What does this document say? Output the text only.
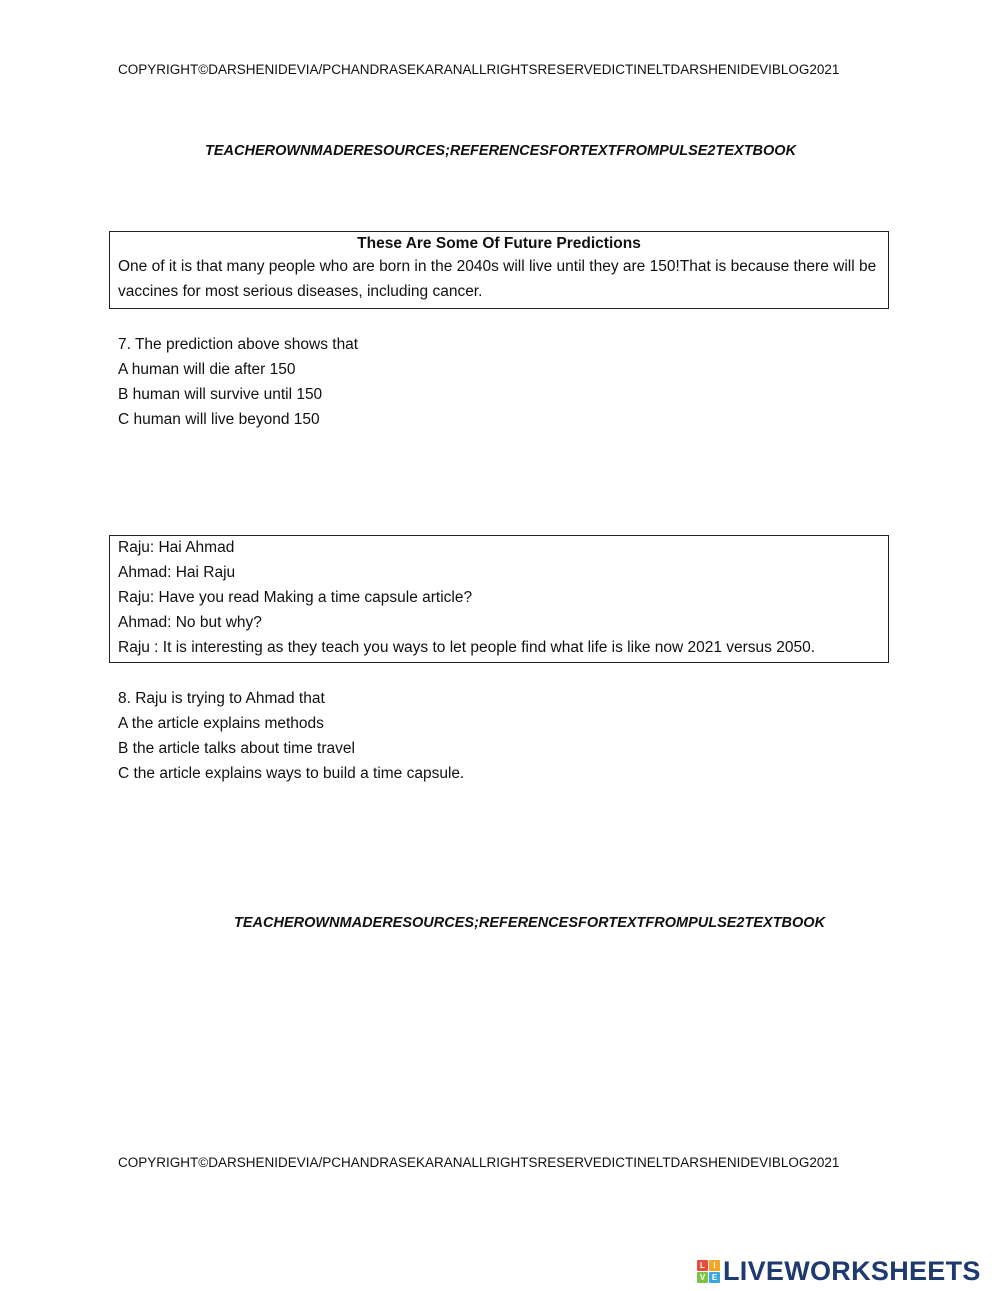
COPYRIGHT©DARSHENIDEVIA/PCHANDRASEKARANALLRIGHTSRESERVEDICTINELTDARSHENIDEVIBLOG2021
TEACHEROWNMADERESOURCES;REFERENCESFORTEXTFROMPULSE2TEXTBOOK
These Are Some Of Future Predictions
One of it is that many people who are born in the 2040s will live until they are 150!That is because there will be vaccines for most serious diseases, including cancer.
7. The prediction above shows that
A human will die after 150
B human will survive until 150
C human will live beyond 150
Raju: Hai Ahmad
Ahmad: Hai Raju
Raju: Have you read Making a time capsule article?
Ahmad: No but why?
Raju : It is interesting as they teach you ways to let people find what life is like now 2021 versus 2050.
8. Raju is trying to Ahmad that
A the article explains methods
B the article talks about time travel
C the article explains ways to build a time capsule.
TEACHEROWNMADERESOURCES;REFERENCESFORTEXTFROMPULSE2TEXTBOOK
COPYRIGHT©DARSHENIDEVIA/PCHANDRASEKARANALLRIGHTSRESERVEDICTINELTDARSHENIDEVIBLOG2021
L	I
V E LIVEWORKSHEETS
